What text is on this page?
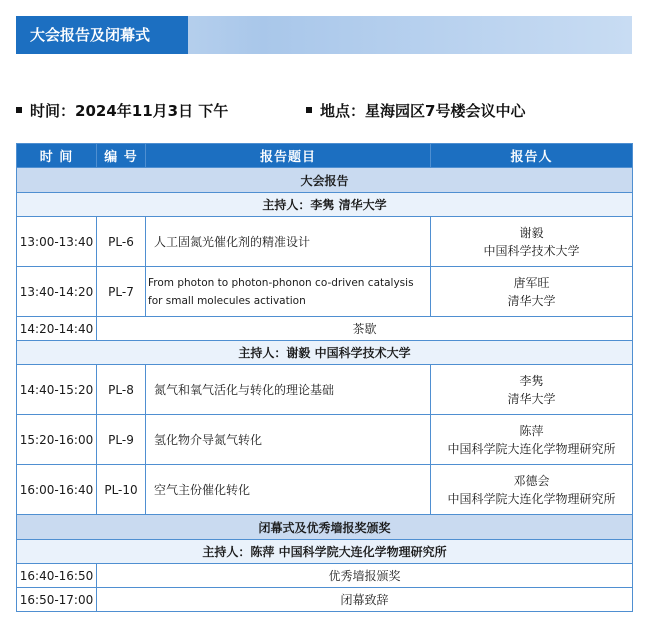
大会报告及闭幕式
时间：2024年11月3日 下午	地点：星海园区7号楼会议中心
时 间	编 号	报告题目	报告人
大会报告			
主持人：李隽 清华大学			
13:00-13:40	PL-6	人工固氮光催化剂的精准设计	谢毅
中国科学技术大学

13:40-14:20	PL-7	From photon to photon-phonon co-driven catalysis for small molecules activation	唐军旺
清华大学

14:20-14:40	茶歇		
主持人：谢毅 中国科学技术大学			
14:40-15:20	PL-8	氮气和氧气活化与转化的理论基础	李隽
清华大学

15:20-16:00	PL-9	氢化物介导氮气转化	陈萍
中国科学院大连化学物理研究所

16:00-16:40	PL-10	空气主份催化转化	邓德会
中国科学院大连化学物理研究所

闭幕式及优秀墙报奖颁奖			
主持人：陈萍 中国科学院大连化学物理研究所			
16:40-16:50	优秀墙报颁奖		
16:50-17:00	闭幕致辞		
